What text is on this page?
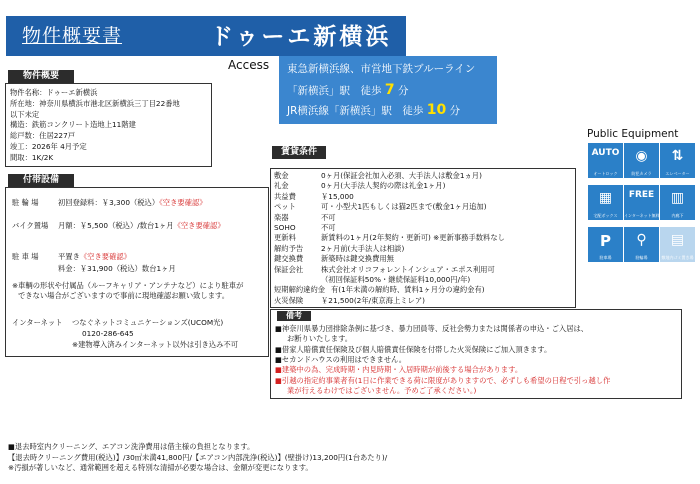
物件概要書	ドゥーエ新横浜
物件概要
物件名称：ドゥーエ新横浜
所在地：神奈川県横浜市港北区新横浜三丁目22番地
以下未定
構造：鉄筋コンクリート造地上11階建
総戸数：住居227戸
竣工：2026年 4月予定
間取：1K/2K
Access 東急新横浜線、市営地下鉄ブルーライン
「新横浜」駅　徒歩 7 分
JR横浜線「新横浜」駅　徒歩 10 分
Public Equipment
AUTO
オートロック
◉
防犯カメラ
⇅
エレベーター
▦
宅配ボックス
FREE
インターネット無料
▥
内廊下
P
駐車場
⚲
駐輪場
▤
敷地内ゴミ置き場
付帯設備
駐 輪 場	初回登録料：￥3,300（税込）《空き要確認》
バイク置場 月額：￥5,500（税込）/数台1ヶ月《空き要確認》
駐 車 場	平置き《空き要確認》
料金：￥31,900（税込）数台1ヶ月
※車輌の形状や付属品（ルーフキャリア・アンテナなど）により駐車が
できない場合がございますので事前に現地確認お願い致します。
インターネット つなぐネットコミュニケーションズ(UCOM光)
0120-286-645
※建物導入済みインターネット以外は引き込み不可
賃貸条件
敷金	0ヶ月(保証会社加入必須、大手法人は敷金1ヵ月)
礼金	0ヶ月(大手法人契約の際は礼金1ヶ月)
共益費	￥15,000
ペット	可・小型犬1匹もしくは猫2匹まで(敷金1ヶ月追加)
楽器	不可
SOHO	不可
更新料	新賃料の1ヶ月(2年契約・更新可) ※更新事務手数料なし
解約予告 2ヶ月前(大手法人は相談)
鍵交換費 新築時は鍵交換費用無
保証会社 株式会社オリコフォレントインシュア・エポス利用可
（初回保証料50%・継続保証料10,000円/年)
短期解約違約金 有(1年未満の解約時、賃料1ヶ月分の違約金有)
火災保険 ￥21,500(2年/東京海上ミレア)
備考
■神奈川県暴力団排除条例に基づき、暴力団員等、反社会勢力または関係者の申込・ご入居は、
お断りいたします。
■借家人賠償責任保険及び個人賠償責任保険を付帯した火災保険にご加入頂きます。
■セカンドハウスの利用はできません。
■建築中の為、完成時期・内見時期・入居時期が前後する場合があります。
■引越の指定約事業者有(1日に作業できる荷に限度がありますので、必ずしも希望の日程で引っ越し作
業が行えるわけではございません。予めご了承ください。)
■退去時室内クリーニング、エアコン洗浄費用は借主様の負担となります。
【退去時クリーニング費用(税込)】/30㎡未満41,800円/【エアコン内部洗浄(税込)】(壁掛け)13,200円(1台あたり)/
※汚損が著しいなど、通常範囲を超える特別な清掃が必要な場合は、金額が変更になります。
